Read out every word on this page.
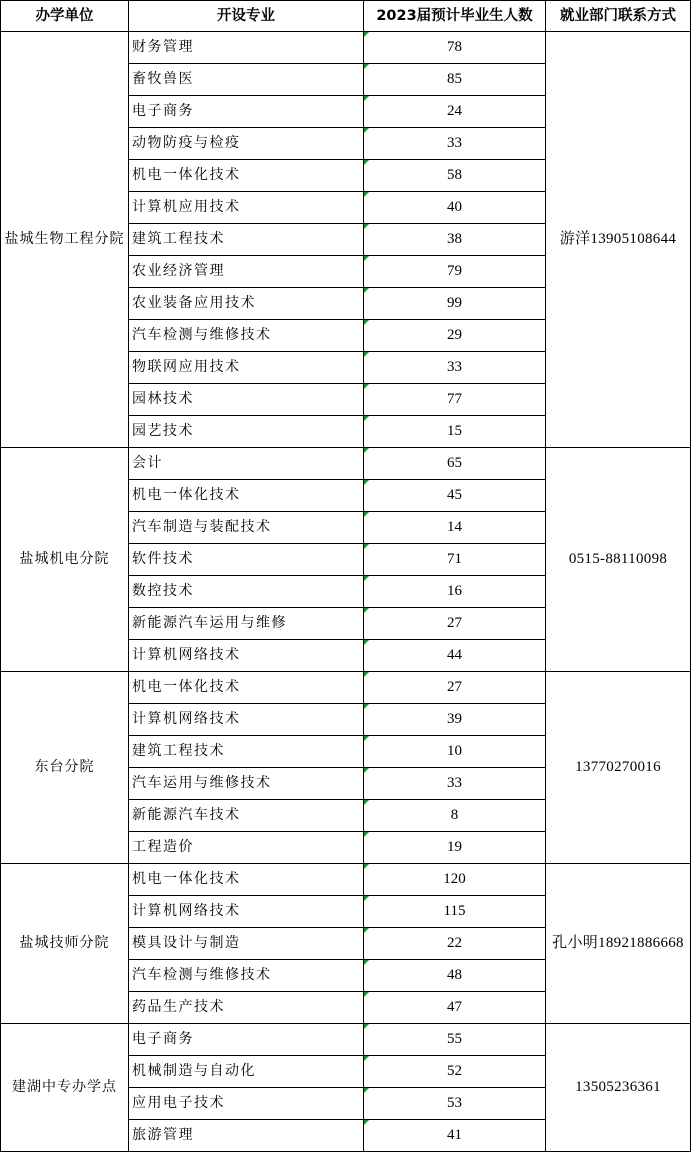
办学单位	开设专业	2023届预计毕业生人数	就业部门联系方式
盐城生物工程分院	财务管理	78	游洋13905108644
	畜牧兽医	85	
	电子商务	24	
	动物防疫与检疫	33	
	机电一体化技术	58	
	计算机应用技术	40	
	建筑工程技术	38	
	农业经济管理	79	
	农业装备应用技术	99	
	汽车检测与维修技术	29	
	物联网应用技术	33	
	园林技术	77	
	园艺技术	15	
盐城机电分院	会计	65	0515-88110098
	机电一体化技术	45	
	汽车制造与装配技术	14	
	软件技术	71	
	数控技术	16	
	新能源汽车运用与维修	27	
	计算机网络技术	44	
东台分院	机电一体化技术	27	13770270016
	计算机网络技术	39	
	建筑工程技术	10	
	汽车运用与维修技术	33	
	新能源汽车技术	8	
	工程造价	19	
盐城技师分院	机电一体化技术	120	孔小明18921886668
	计算机网络技术	115	
	模具设计与制造	22	
	汽车检测与维修技术	48	
	药品生产技术	47	
建湖中专办学点	电子商务	55	13505236361
	机械制造与自动化	52	
	应用电子技术	53	
	旅游管理	41	
